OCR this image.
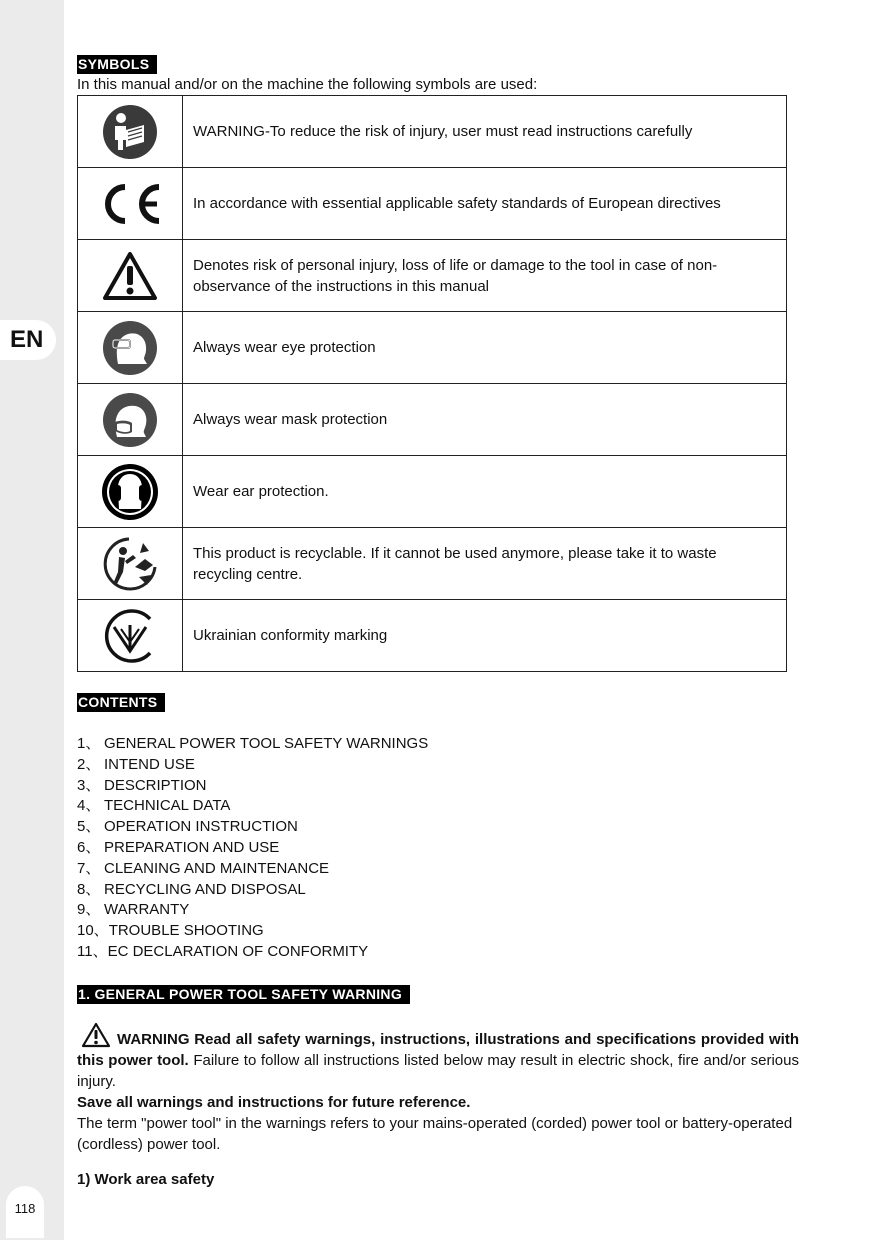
EN
118
SYMBOLS
In this manual and/or on the machine the following symbols are used:
	WARNING-To reduce the risk of injury, user must read instructions carefully

	In accordance with essential applicable safety standards of European directives

	Denotes risk of personal injury, loss of life or damage to the tool in case of non-observance of the instructions in this manual

	Always wear eye protection

	Always wear mask protection

	Wear ear protection.

	This product is recyclable. If it cannot be used anymore, please take it to waste recycling centre.

	Ukrainian conformity marking
CONTENTS
1、 GENERAL POWER TOOL SAFETY WARNINGS
2、 INTEND USE
3、 DESCRIPTION
4、 TECHNICAL DATA
5、 OPERATION INSTRUCTION
6、 PREPARATION AND USE
7、 CLEANING AND MAINTENANCE
8、 RECYCLING AND DISPOSAL
9、 WARRANTY
10、TROUBLE SHOOTING
11、EC DECLARATION OF CONFORMITY
1. GENERAL POWER TOOL SAFETY WARNING

WARNING Read all safety warnings, instructions, illustrations and specifications provided with this power tool. Failure to follow all instructions listed below may result in electric shock, fire and/or serious injury.

Save all warnings and instructions for future reference.

The term "power tool" in the warnings refers to your mains-operated (corded) power tool or battery-operated (cordless) power tool.

1) Work area safety
